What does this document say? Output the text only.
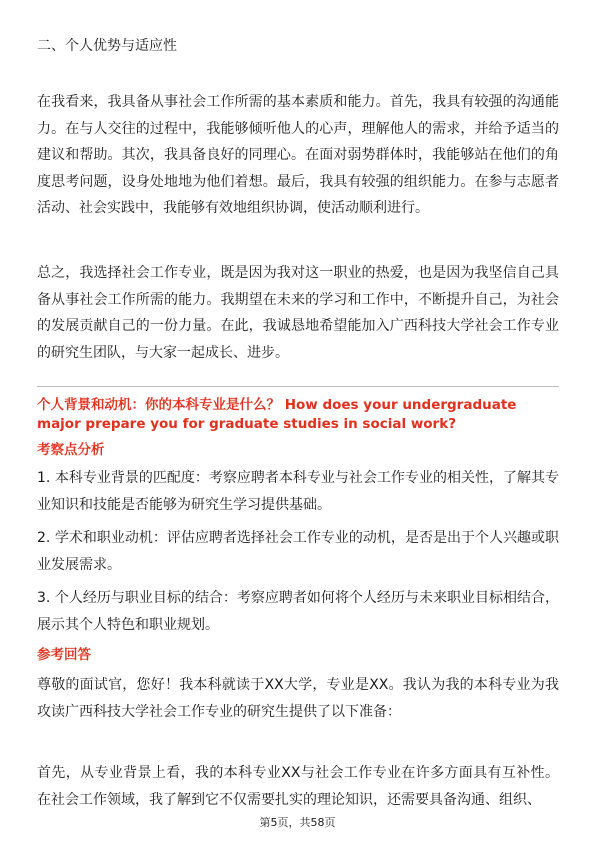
二、个人优势与适应性

在我看来，我具备从事社会工作所需的基本素质和能力。首先，我具有较强的沟通能力。在与人交往的过程中，我能够倾听他人的心声，理解他人的需求，并给予适当的建议和帮助。其次，我具备良好的同理心。在面对弱势群体时，我能够站在他们的角度思考问题，设身处地地为他们着想。最后，我具有较强的组织能力。在参与志愿者活动、社会实践中，我能够有效地组织协调，使活动顺利进行。

总之，我选择社会工作专业，既是因为我对这一职业的热爱，也是因为我坚信自己具备从事社会工作所需的能力。我期望在未来的学习和工作中，不断提升自己，为社会的发展贡献自己的一份力量。在此，我诚恳地希望能加入广西科技大学社会工作专业的研究生团队，与大家一起成长、进步。

个人背景和动机：你的本科专业是什么？ How does your undergraduate major prepare you for graduate studies in social work?

考察点分析

1. 本科专业背景的匹配度：考察应聘者本科专业与社会工作专业的相关性，了解其专业知识和技能是否能够为研究生学习提供基础。

2. 学术和职业动机：评估应聘者选择社会工作专业的动机，是否是出于个人兴趣或职业发展需求。

3. 个人经历与职业目标的结合：考察应聘者如何将个人经历与未来职业目标相结合，展示其个人特色和职业规划。

参考回答

尊敬的面试官，您好！我本科就读于XX大学，专业是XX。我认为我的本科专业为我攻读广西科技大学社会工作专业的研究生提供了以下准备：

首先，从专业背景上看，我的本科专业XX与社会工作专业在许多方面具有互补性。在社会工作领域，我了解到它不仅需要扎实的理论知识，还需要具备沟通、组织、

第5页，共58页
